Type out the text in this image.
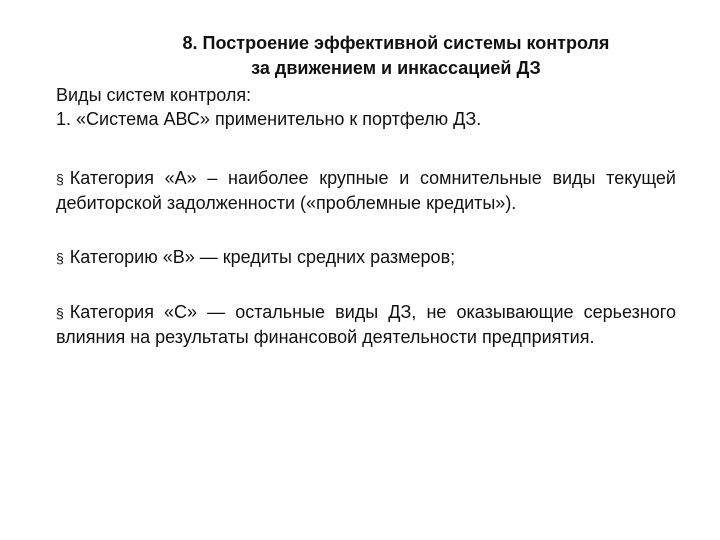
8. Построение эффективной системы контроля
за движением и инкассацией ДЗ
Виды систем контроля:
1. «Система АВС» применительно к портфелю ДЗ.
§ Категория «А» – наиболее крупные и сомнительные виды текущей дебиторской задолженности («проблемные кредиты»).
§ Категорию «В» — кредиты средних размеров;
§ Категория «С» — остальные виды ДЗ, не оказывающие серьезного влияния на результаты финансовой деятельности предприятия.
